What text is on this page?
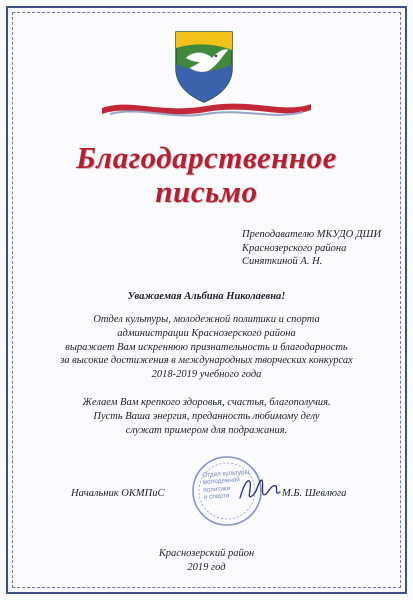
Благодарственное
письмо
Преподавателю МКУДО ДШИ
Краснозерского района
Синяткиной А. Н.
Уважаемая Альбина Николаевна!
Отдел культуры, молодежной политики и спорта
администрации Краснозерского района
выражает Вам искреннюю признательность и благодарность
за высокие достижения в международных творческих конкурсах
2018-2019 учебного года
Желаем Вам крепкого здоровья, счастья, благополучия.
Пусть Ваша энергия, преданность любимому делу
служат примером для подражания.
Отдел культуры,
молодежной
политики
и спорта
Начальник ОКМПиС	М.Б. Шевлюга
Краснозерский район
2019 год
